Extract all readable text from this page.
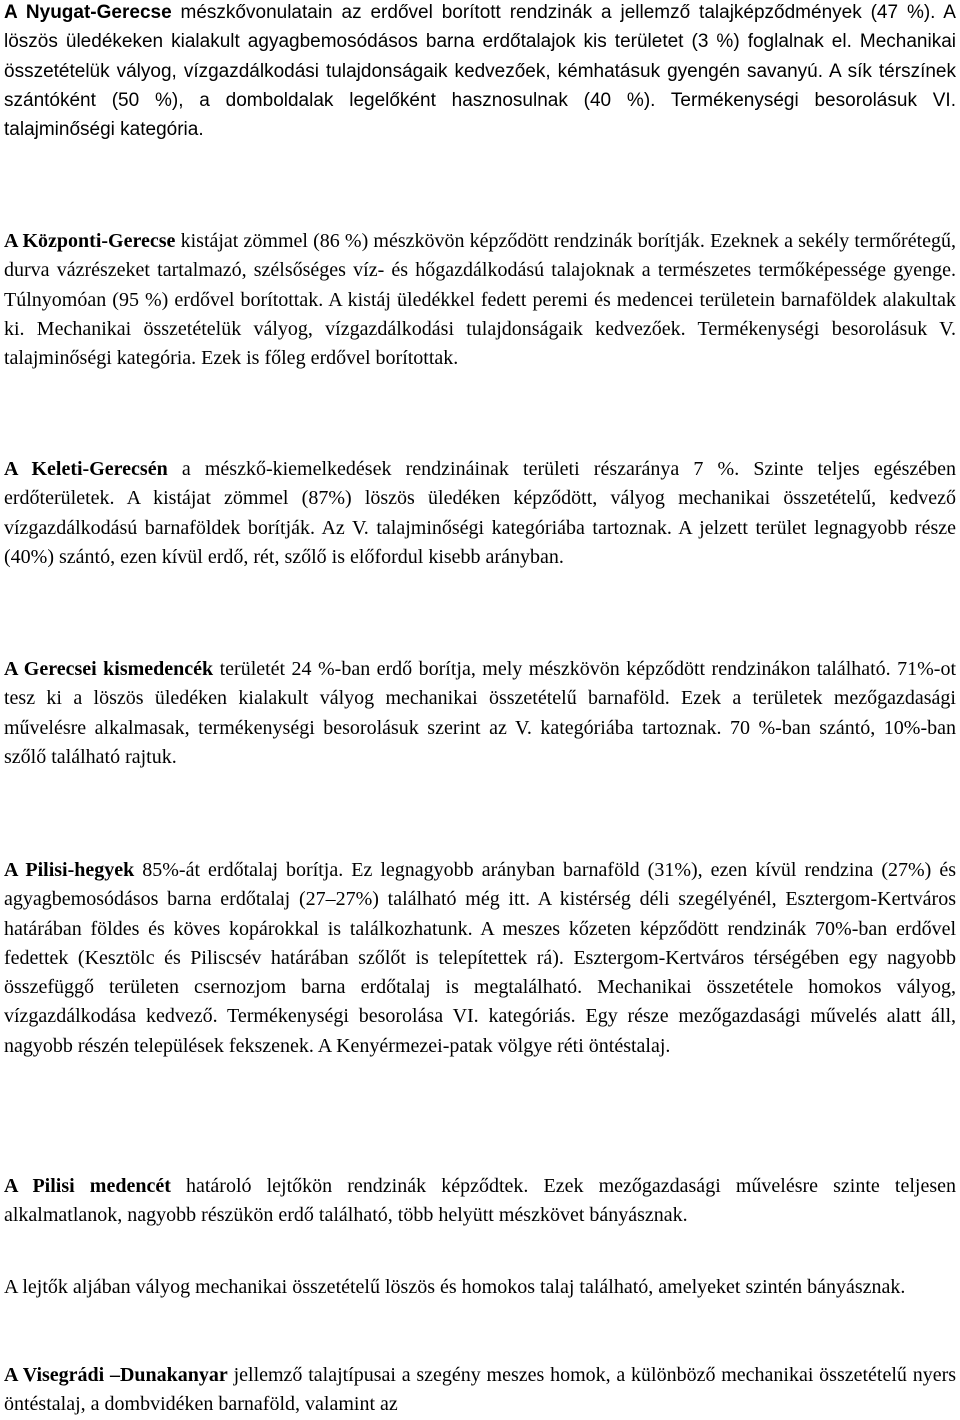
A Nyugat-Gerecse mészkővonulatain az erdővel borított rendzinák a jellemző talajképződmények (47 %). A löszös üledékeken kialakult agyagbemosódásos barna erdőtalajok kis területet (3 %) foglalnak el. Mechanikai összetételük vályog, vízgazdálkodási tulajdonságaik kedvezőek, kémhatásuk gyengén savanyú. A sík térszínek szántóként (50 %), a domboldalak legelőként hasznosulnak (40 %). Termékenységi besorolásuk VI. talajminőségi kategória.

A Központi-Gerecse kistájat zömmel (86 %) mészkövön képződött rendzinák borítják. Ezeknek a sekély termőrétegű, durva vázrészeket tartalmazó, szélsőséges víz- és hőgazdálkodású talajoknak a természetes termőképessége gyenge. Túlnyomóan (95 %) erdővel borítottak. A kistáj üledékkel fedett peremi és medencei területein barnaföldek alakultak ki. Mechanikai összetételük vályog, vízgazdálkodási tulajdonságaik kedvezőek. Termékenységi besorolásuk V. talajminőségi kategória. Ezek is főleg erdővel borítottak.

A Keleti-Gerecsén a mészkő-kiemelkedések rendzináinak területi részaránya 7 %. Szinte teljes egészében erdőterületek. A kistájat zömmel (87%) löszös üledéken képződött, vályog mechanikai összetételű, kedvező vízgazdálkodású barnaföldek borítják. Az V. talajminőségi kategóriába tartoznak. A jelzett terület legnagyobb része (40%) szántó, ezen kívül erdő, rét, szőlő is előfordul kisebb arányban.

A Gerecsei kismedencék területét 24 %-ban erdő borítja, mely mészkövön képződött rendzinákon található. 71%-ot tesz ki a löszös üledéken kialakult vályog mechanikai összetételű barnaföld. Ezek a területek mezőgazdasági művelésre alkalmasak, termékenységi besorolásuk szerint az V. kategóriába tartoznak. 70 %-ban szántó, 10%-ban szőlő található rajtuk.

A Pilisi-hegyek 85%-át erdőtalaj borítja. Ez legnagyobb arányban barnaföld (31%), ezen kívül rendzina (27%) és agyagbemosódásos barna erdőtalaj (27–27%) található még itt. A kistérség déli szegélyénél, Esztergom-Kertváros határában földes és köves kopárokkal is találkozhatunk. A meszes kőzeten képződött rendzinák 70%-ban erdővel fedettek (Kesztölc és Piliscsév határában szőlőt is telepítettek rá). Esztergom-Kertváros térségében egy nagyobb összefüggő területen csernozjom barna erdőtalaj is megtalálható. Mechanikai összetétele homokos vályog, vízgazdálkodása kedvező. Termékenységi besorolása VI. kategóriás. Egy része mezőgazdasági művelés alatt áll, nagyobb részén települések fekszenek. A Kenyérmezei-patak völgye réti öntéstalaj.

A Pilisi medencét határoló lejtőkön rendzinák képződtek. Ezek mezőgazdasági művelésre szinte teljesen alkalmatlanok, nagyobb részükön erdő található, több helyütt mészkövet bányásznak.

A lejtők aljában vályog mechanikai összetételű löszös és homokos talaj található, amelyeket szintén bányásznak.

A Visegrádi –Dunakanyar jellemző talajtípusai a szegény meszes homok, a különböző mechanikai összetételű nyers öntéstalaj, a dombvidéken barnaföld, valamint az
